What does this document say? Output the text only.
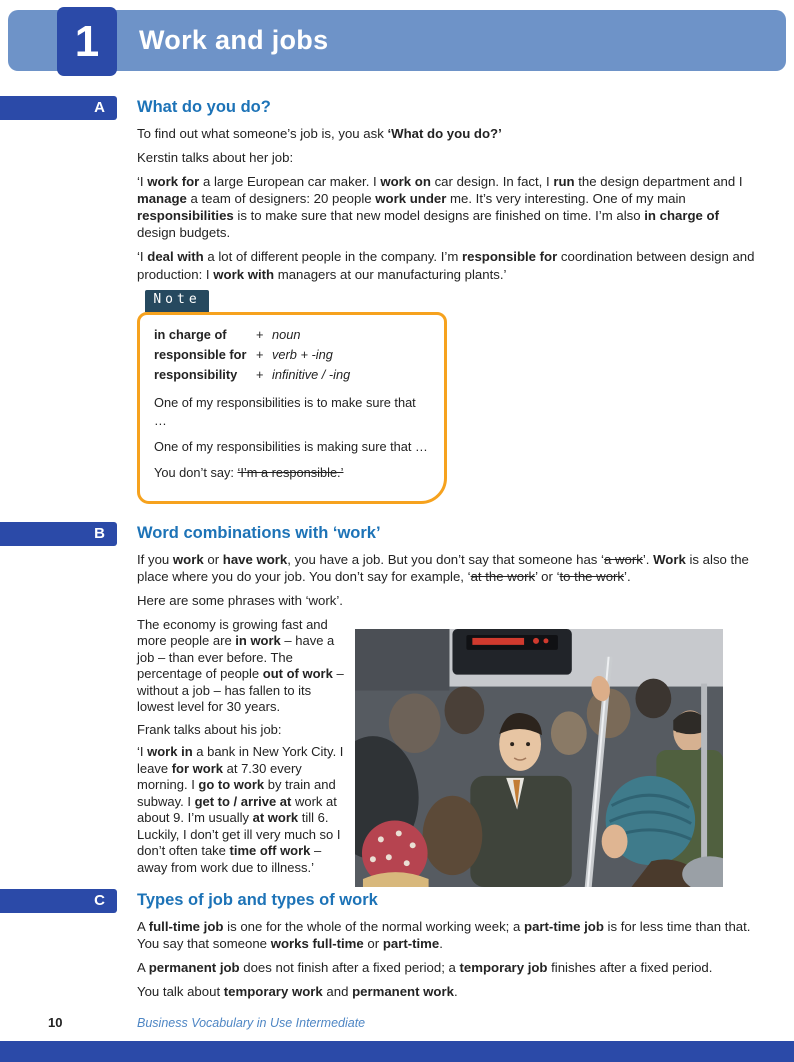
Work and jobs
1
A What do you do?

To find out what someone’s job is, you ask ‘What do you do?’

Kerstin talks about her job:

‘I work for a large European car maker. I work on car design. In fact, I run the design department and I manage a team of designers: 20 people work under me. It’s very interesting. One of my main responsibilities is to make sure that new model designs are finished on time. I’m also in charge of design budgets.

‘I deal with a lot of different people in the company. I’m responsible for coordination between design and production: I work with managers at our manufacturing plants.’

Note
in charge of	+ noun
responsible for + verb + -ing
responsibility	+ infinitive / -ing

One of my responsibilities is to make sure that …

One of my responsibilities is making sure that …

You don’t say: ‘I’m a responsible.’

B Word combinations with ‘work’

If you work or have work, you have a job. But you don’t say that someone has ‘a work’. Work is also the place where you do your job. You don’t say for example, ‘at the work’ or ‘to the work’.

Here are some phrases with ‘work’.

The economy is growing fast and more people are in work – have a job – than ever before. The percentage of people out of work – without a job – has fallen to its lowest level for 30 years.

Frank talks about his job:

‘I work in a bank in New York City. I leave for work at 7.30 every morning. I go to work by train and subway. I get to / arrive at work at about 9. I’m usually at work till 6. Luckily, I don’t get ill very much so I don’t often take time off work – away from work due to illness.’

C Types of job and types of work

A full-time job is one for the whole of the normal working week; a part-time job is for less time than that. You say that someone works full-time or part-time.

A permanent job does not finish after a fixed period; a temporary job finishes after a fixed period.

You talk about temporary work and permanent work.

10	Business Vocabulary in Use Intermediate
